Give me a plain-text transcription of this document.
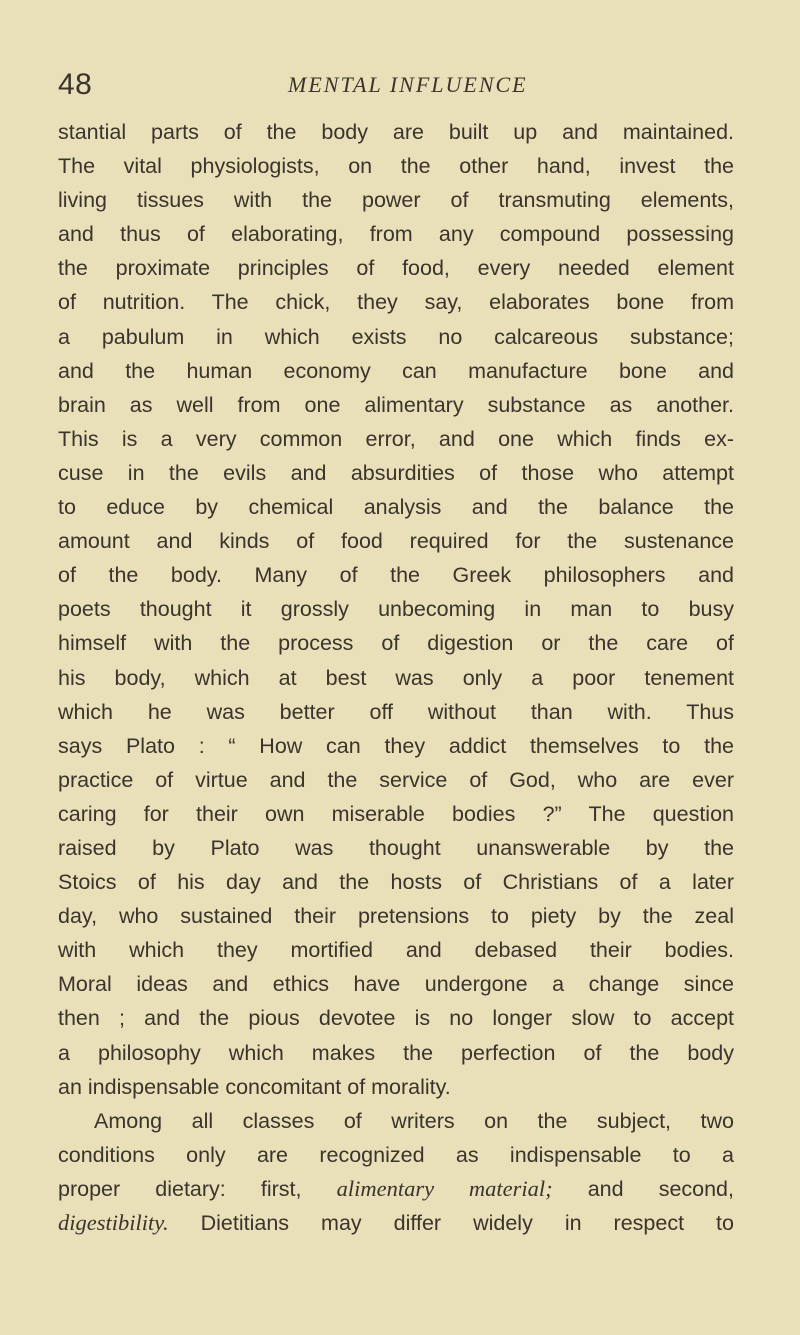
48	MENTAL INFLUENCE
stantial parts of the body are built up and maintained.
The vital physiologists, on the other hand, invest the
living tissues with the power of transmuting elements,
and thus of elaborating, from any compound possessing
the proximate principles of food, every needed element
of nutrition. The chick, they say, elaborates bone from
a pabulum in which exists no calcareous substance;
and the human economy can manufacture bone and
brain as well from one alimentary substance as another.
This is a very common error, and one which finds ex-
cuse in the evils and absurdities of those who attempt
to educe by chemical analysis and the balance the
amount and kinds of food required for the sustenance
of the body. Many of the Greek philosophers and
poets thought it grossly unbecoming in man to busy
himself with the process of digestion or the care of
his body, which at best was only a poor tenement
which he was better off without than with. Thus
says Plato : “ How can they addict themselves to the
practice of virtue and the service of God, who are ever
caring for their own miserable bodies ?” The question
raised by Plato was thought unanswerable by the
Stoics of his day and the hosts of Christians of a later
day, who sustained their pretensions to piety by the zeal
with which they mortified and debased their bodies.
Moral ideas and ethics have undergone a change since
then ; and the pious devotee is no longer slow to accept
a philosophy which makes the perfection of the body
an indispensable concomitant of morality.
Among all classes of writers on the subject, two
conditions only are recognized as indispensable to a
proper dietary: first, alimentary material; and second,
digestibility. Dietitians may differ widely in respect to
